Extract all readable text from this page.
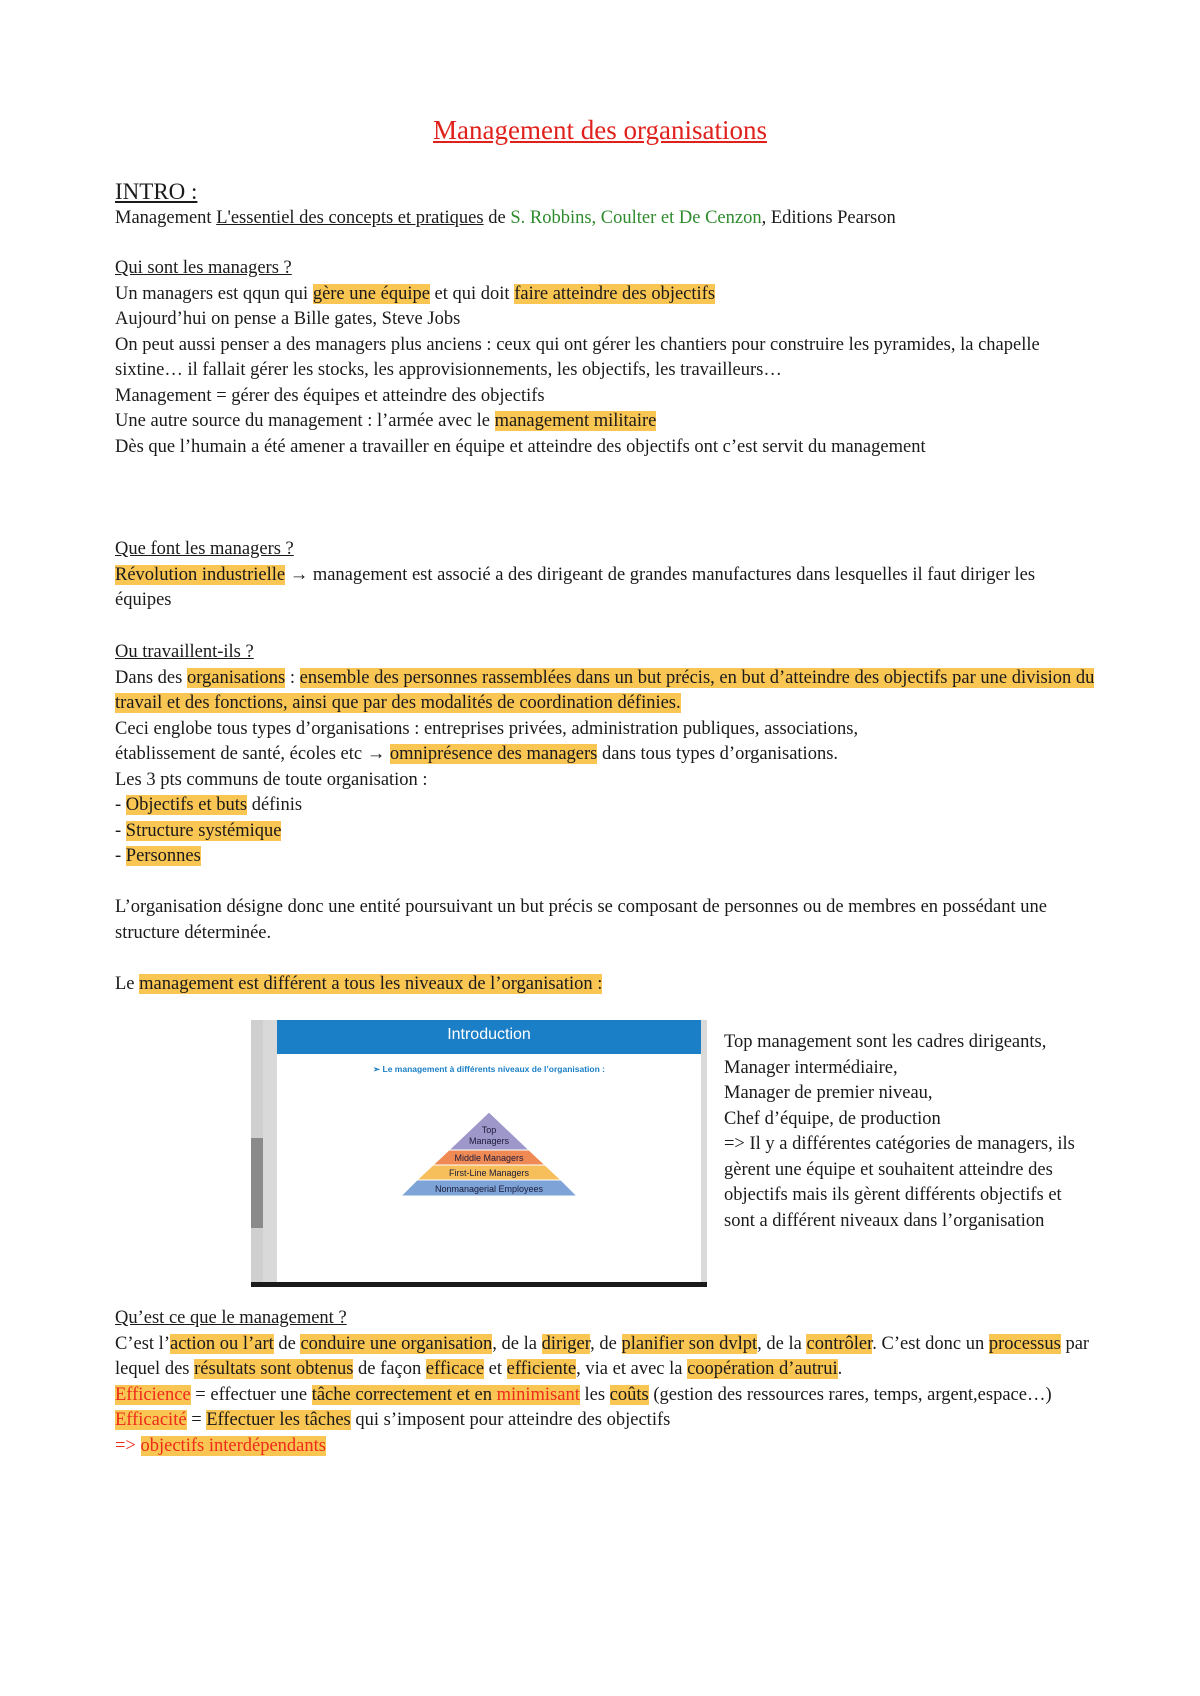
Management des organisations
INTRO :
Management L'essentiel des concepts et pratiques de S. Robbins, Coulter et De Cenzon, Editions Pearson
Qui sont les managers ?
Un managers est qqun qui gère une équipe et qui doit faire atteindre des objectifs
Aujourd’hui on pense a Bille gates, Steve Jobs
On peut aussi penser a des managers plus anciens : ceux qui ont gérer les chantiers pour construire les pyramides, la chapelle sixtine… il fallait gérer les stocks, les approvisionnements, les objectifs, les travailleurs…
Management = gérer des équipes et atteindre des objectifs
Une autre source du management : l’armée avec le management militaire
Dès que l’humain a été amener a travailler en équipe et atteindre des objectifs ont c’est servit du management
Que font les managers ?
Révolution industrielle → management est associé a des dirigeant de grandes manufactures dans lesquelles il faut diriger les équipes
Ou travaillent-ils ?
Dans des organisations : ensemble des personnes rassemblées dans un but précis, en but d’atteindre des objectifs par une division du travail et des fonctions, ainsi que par des modalités de coordination définies.
Ceci englobe tous types d’organisations : entreprises privées, administration publiques, associations,
établissement de santé, écoles etc → omniprésence des managers dans tous types d’organisations.
Les 3 pts communs de toute organisation :
- Objectifs et buts définis
- Structure systémique
- Personnes
L’organisation désigne donc une entité poursuivant un but précis se composant de personnes ou de membres en possédant une structure déterminée.
Le management est différent a tous les niveaux de l’organisation :
Introduction
➢ Le management à différents niveaux de l’organisation :
Top
Managers
Middle Managers
First-Line Managers
Nonmanagerial Employees
Top management sont les cadres dirigeants,
Manager intermédiaire,
Manager de premier niveau,
Chef d’équipe, de production
=> Il y a différentes catégories de managers, ils gèrent une équipe et souhaitent atteindre des objectifs mais ils gèrent différents objectifs et sont a différent niveaux dans l’organisation
Qu’est ce que le management ?
C’est l’action ou l’art de conduire une organisation, de la diriger, de planifier son dvlpt, de la contrôler. C’est donc un processus par lequel des résultats sont obtenus de façon efficace et efficiente, via et avec la coopération d’autrui.
Efficience = effectuer une tâche correctement et en minimisant les coûts (gestion des ressources rares, temps, argent,espace…)
Efficacité = Effectuer les tâches qui s’imposent pour atteindre des objectifs
=> objectifs interdépendants
